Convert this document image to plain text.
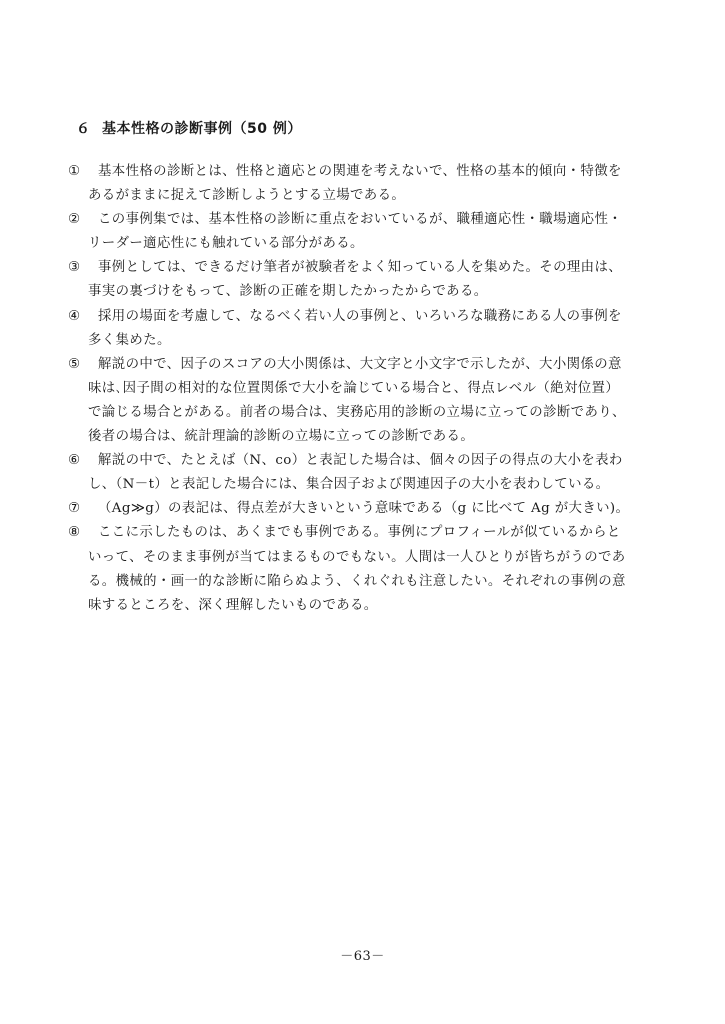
６ 基本性格の診断事例（50 例）
①	基本性格の診断とは、性格と適応との関連を考えないで、性格の基本的傾向・特徴を
あるがままに捉えて診断しようとする立場である。
②	この事例集では、基本性格の診断に重点をおいているが、職種適応性・職場適応性・
リーダー適応性にも触れている部分がある。
③	事例としては、できるだけ筆者が被験者をよく知っている人を集めた。その理由は、
事実の裏づけをもって、診断の正確を期したかったからである。
④	採用の場面を考慮して、なるべく若い人の事例と、いろいろな職務にある人の事例を
多く集めた。
⑤	解説の中で、因子のスコアの大小関係は、大文字と小文字で示したが、大小関係の意
味は､因子間の相対的な位置関係で大小を論じている場合と、得点レベル（絶対位置）
で論じる場合とがある。前者の場合は、実務応用的診断の立場に立っての診断であり、
後者の場合は、統計理論的診断の立場に立っての診断である。
⑥	解説の中で、たとえば（N、co）と表記した場合は、個々の因子の得点の大小を表わ
し、（N－t）と表記した場合には、集合因子および関連因子の大小を表わしている。
⑦	（Ag≫g）の表記は、得点差が大きいという意味である（g に比べて Ag が大きい)。
⑧	ここに示したものは、あくまでも事例である。事例にプロフィールが似ているからと
いって、そのまま事例が当てはまるものでもない。人間は一人ひとりが皆ちがうのであ
る。機械的・画一的な診断に陥らぬよう、くれぐれも注意したい。それぞれの事例の意
味するところを、深く理解したいものである。
－63－
